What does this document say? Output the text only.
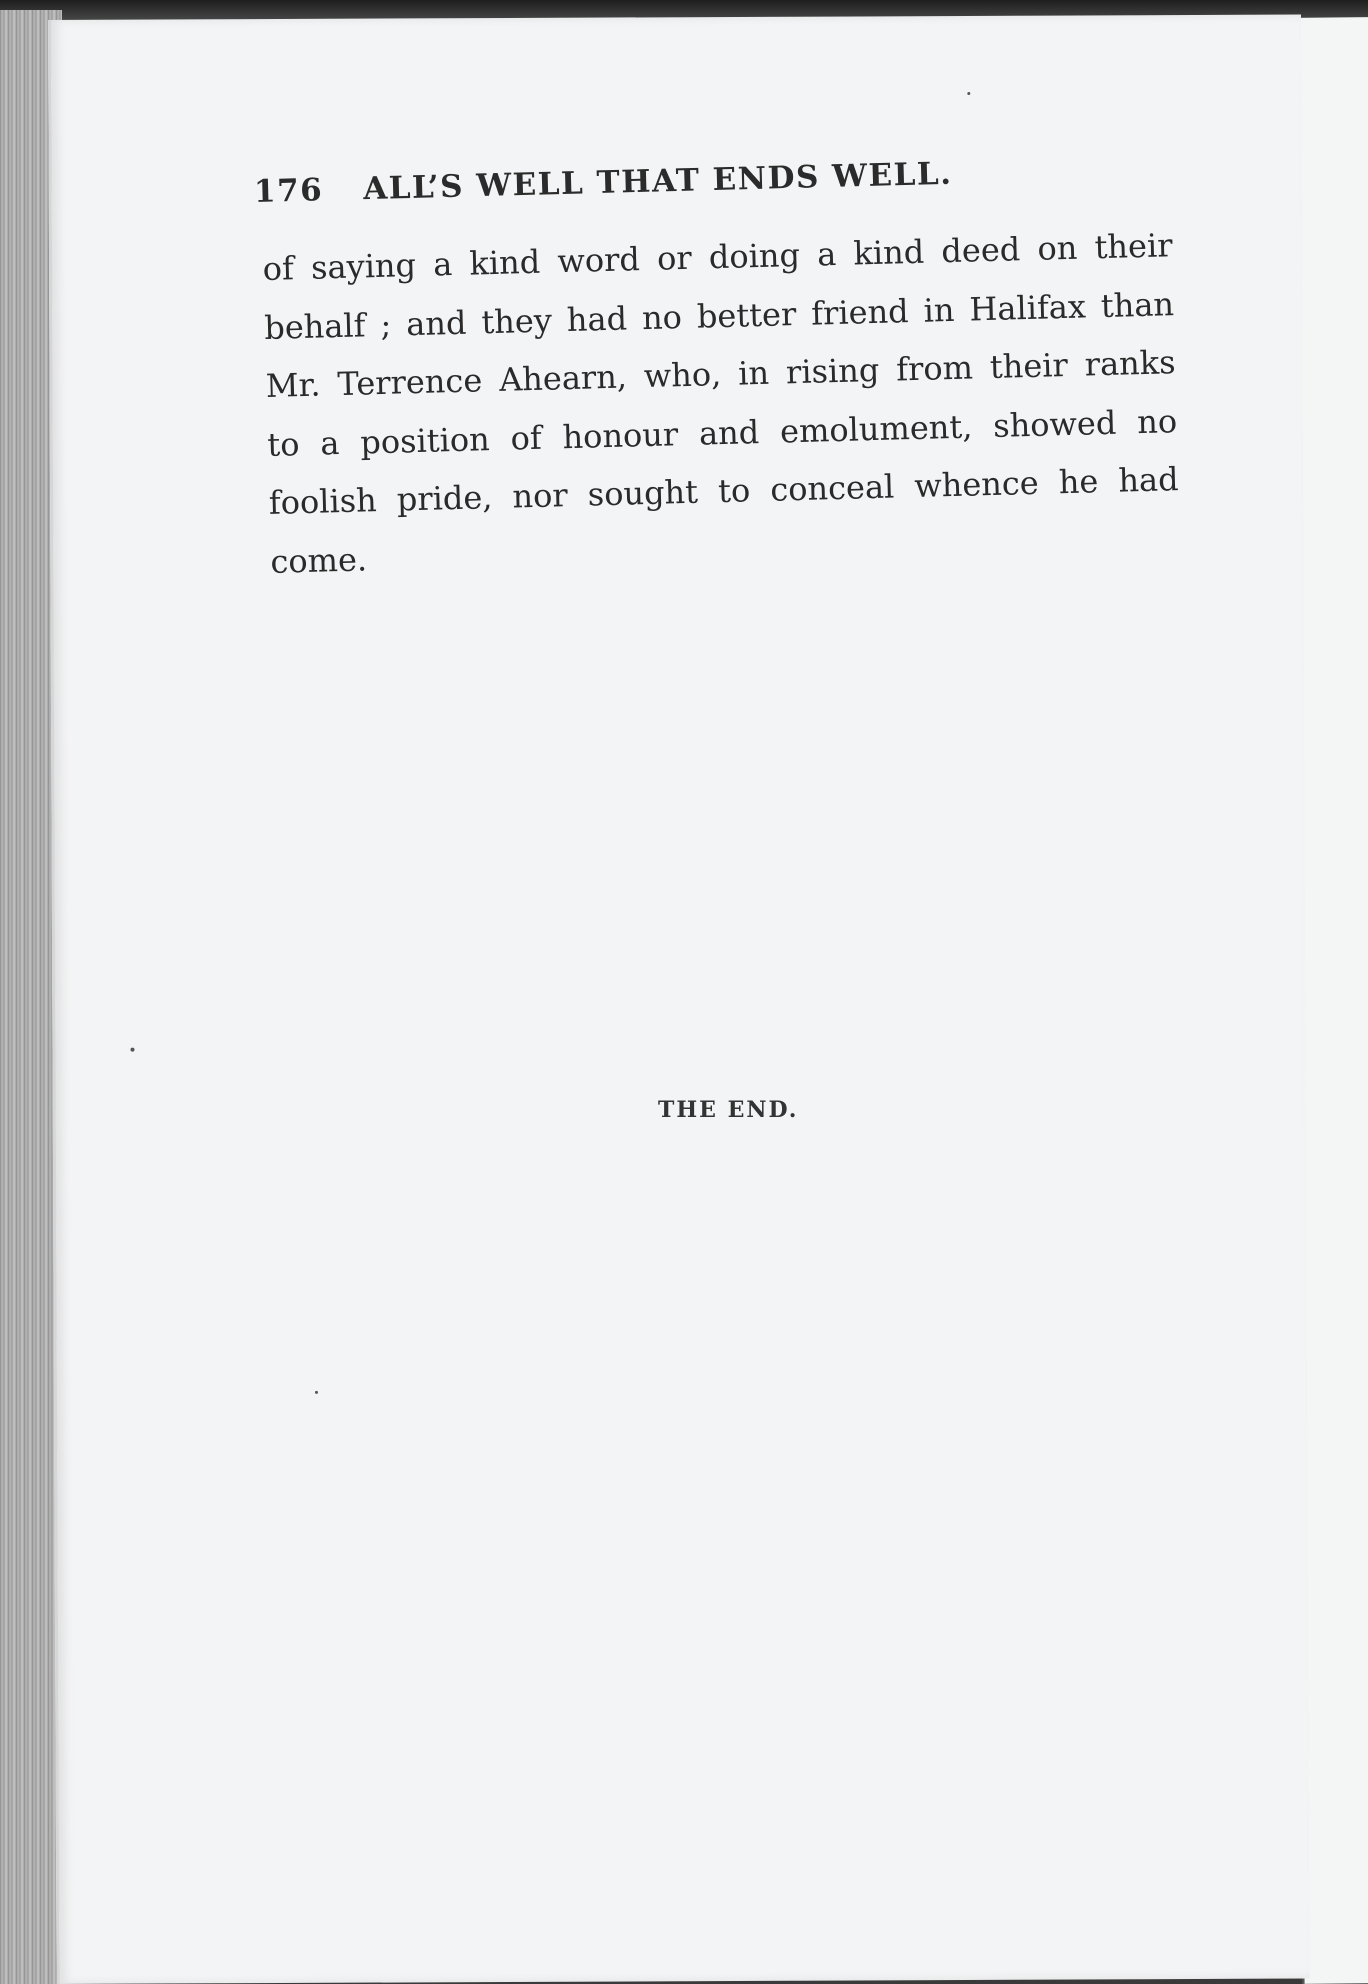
176 ALL’S WELL THAT ENDS WELL.
of saying a kind word or doing a kind deed on their
behalf ; and they had no better friend in Halifax than
Mr. Terrence Ahearn, who, in rising from their ranks
to a position of honour and emolument, showed no
foolish pride, nor sought to conceal whence he had
come.
THE END.
